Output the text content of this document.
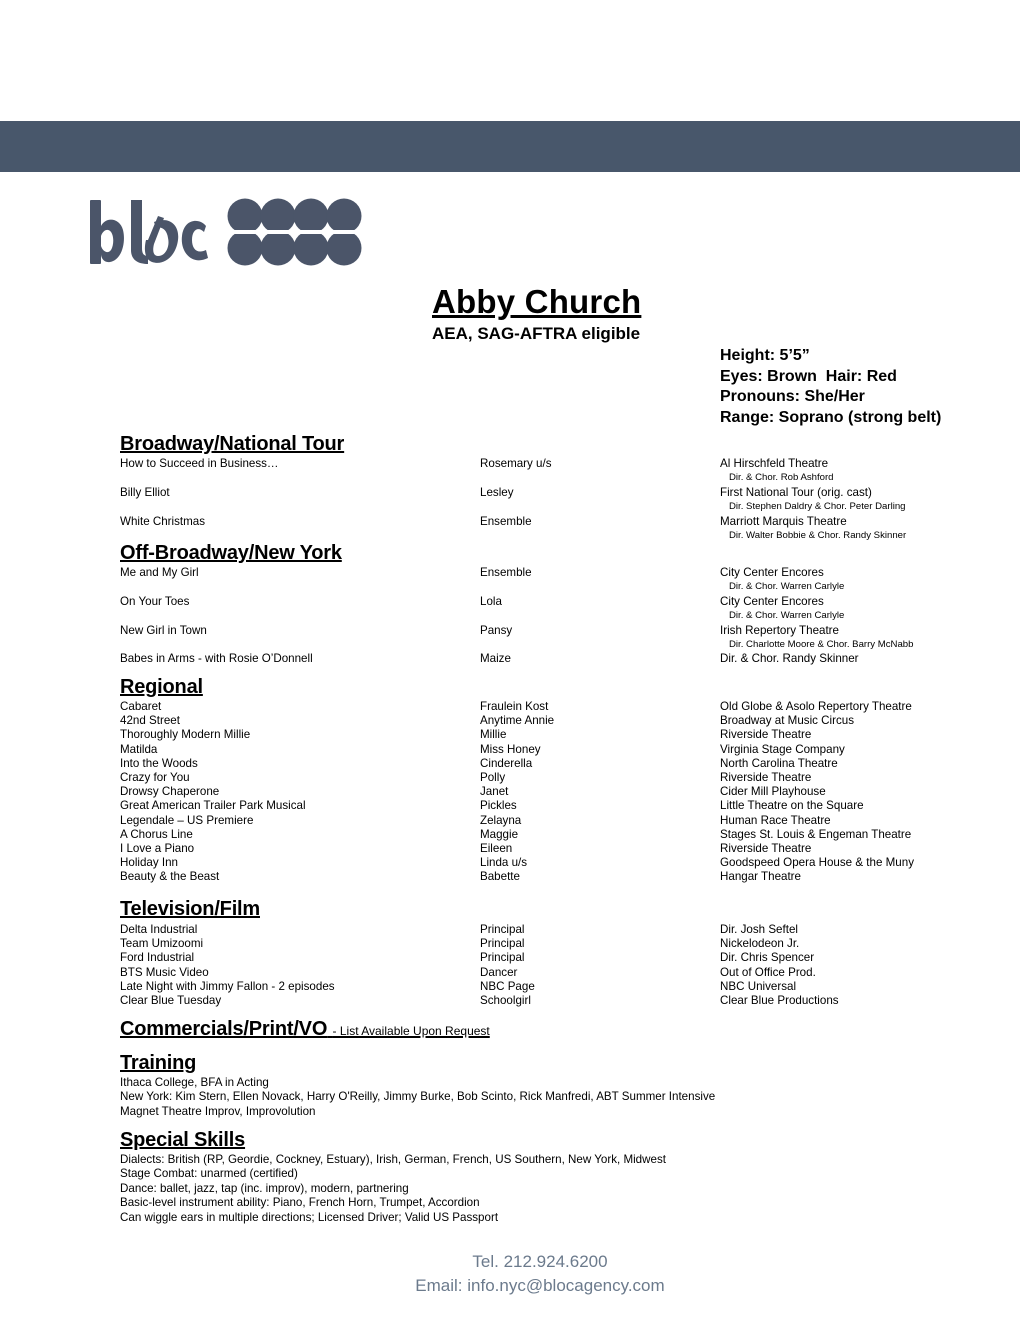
Abby Church
AEA, SAG-AFTRA eligible
Height: 5’5”
Eyes: Brown  Hair: Red
Pronouns: She/Her
Range: Soprano (strong belt)
Broadway/National Tour
How to Succeed in Business…	Rosemary u/s	Al Hirschfeld Theatre
Dir. & Chor. Rob Ashford
Billy Elliot	Lesley	First National Tour (orig. cast)
Dir. Stephen Daldry & Chor. Peter Darling
White Christmas	Ensemble	Marriott Marquis Theatre
Dir. Walter Bobbie & Chor. Randy Skinner
Off-Broadway/New York
Me and My Girl	Ensemble	City Center Encores
Dir. & Chor. Warren Carlyle
On Your Toes	Lola	City Center Encores
Dir. & Chor. Warren Carlyle
New Girl in Town	Pansy	Irish Repertory Theatre
Dir. Charlotte Moore & Chor. Barry McNabb
Babes in Arms - with Rosie O’Donnell	Maize	Dir. & Chor. Randy Skinner
Regional
Cabaret	Fraulein Kost	Old Globe & Asolo Repertory Theatre
42nd Street	Anytime Annie	Broadway at Music Circus
Thoroughly Modern Millie	Millie	Riverside Theatre
Matilda	Miss Honey	Virginia Stage Company
Into the Woods	Cinderella	North Carolina Theatre
Crazy for You	Polly	Riverside Theatre
Drowsy Chaperone	Janet	Cider Mill Playhouse
Great American Trailer Park Musical	Pickles	Little Theatre on the Square
Legendale – US Premiere	Zelayna	Human Race Theatre
A Chorus Line	Maggie	Stages St. Louis & Engeman Theatre
I Love a Piano	Eileen	Riverside Theatre
Holiday Inn	Linda u/s	Goodspeed Opera House & the Muny
Beauty & the Beast	Babette	Hangar Theatre
Television/Film
Delta Industrial	Principal	Dir. Josh Seftel
Team Umizoomi	Principal	Nickelodeon Jr.
Ford Industrial	Principal	Dir. Chris Spencer
BTS Music Video	Dancer	Out of Office Prod.
Late Night with Jimmy Fallon - 2 episodes	NBC Page	NBC Universal
Clear Blue Tuesday	Schoolgirl	Clear Blue Productions
Commercials/Print/VO - List Available Upon Request
Training
Ithaca College, BFA in Acting
New York: Kim Stern, Ellen Novack, Harry O'Reilly, Jimmy Burke, Bob Scinto, Rick Manfredi, ABT Summer Intensive
Magnet Theatre Improv, Improvolution
Special Skills
Dialects: British (RP, Geordie, Cockney, Estuary), Irish, German, French, US Southern, New York, Midwest
Stage Combat: unarmed (certified)
Dance: ballet, jazz, tap (inc. improv), modern, partnering
Basic-level instrument ability: Piano, French Horn, Trumpet, Accordion
Can wiggle ears in multiple directions; Licensed Driver; Valid US Passport
Tel. 212.924.6200
Email: info.nyc@blocagency.com
